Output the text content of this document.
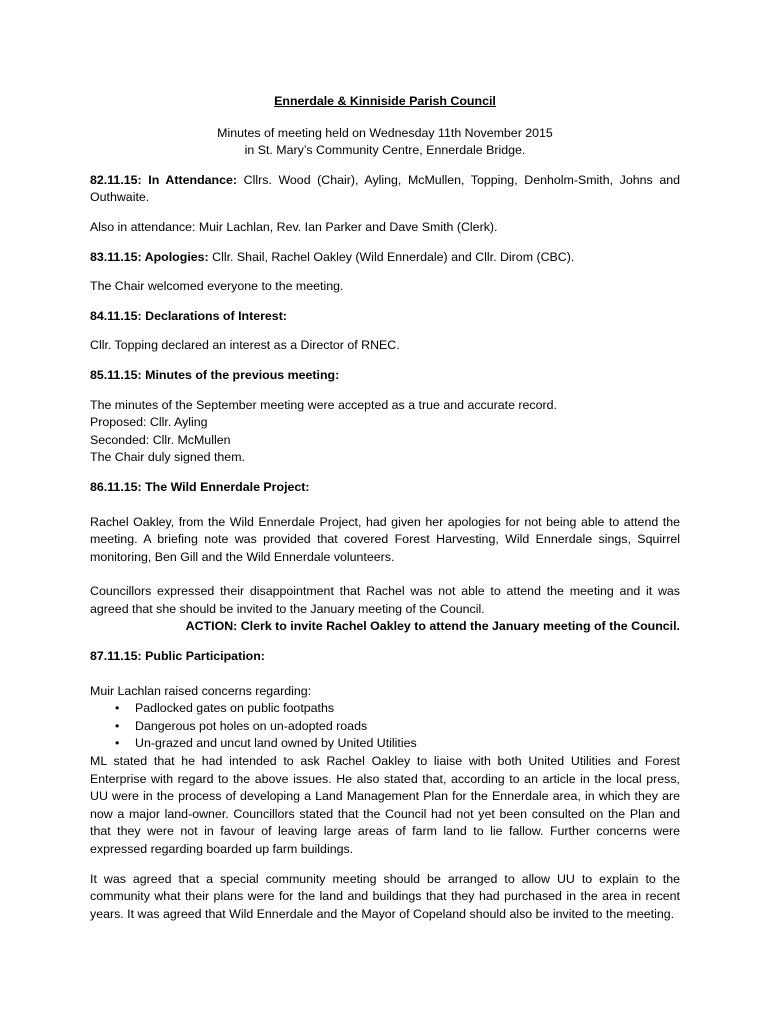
Ennerdale & Kinniside Parish Council
Minutes of meeting held on Wednesday 11th November 2015
in St. Mary’s Community Centre, Ennerdale Bridge.

82.11.15: In Attendance: Cllrs. Wood (Chair), Ayling, McMullen, Topping, Denholm-Smith, Johns and Outhwaite.

Also in attendance: Muir Lachlan, Rev. Ian Parker and Dave Smith (Clerk).

83.11.15: Apologies: Cllr. Shail, Rachel Oakley (Wild Ennerdale) and Cllr. Dirom (CBC).

The Chair welcomed everyone to the meeting.

84.11.15: Declarations of Interest:

Cllr. Topping declared an interest as a Director of RNEC.

85.11.15: Minutes of the previous meeting:

The minutes of the September meeting were accepted as a true and accurate record.
Proposed: Cllr. Ayling
Seconded: Cllr. McMullen
The Chair duly signed them.

86.11.15: The Wild Ennerdale Project:

Rachel Oakley, from the Wild Ennerdale Project, had given her apologies for not being able to attend the meeting. A briefing note was provided that covered Forest Harvesting, Wild Ennerdale sings, Squirrel monitoring, Ben Gill and the Wild Ennerdale volunteers.

Councillors expressed their disappointment that Rachel was not able to attend the meeting and it was agreed that she should be invited to the January meeting of the Council.

ACTION: Clerk to invite Rachel Oakley to attend the January meeting of the Council.

87.11.15: Public Participation:

Muir Lachlan raised concerns regarding:
• Padlocked gates on public footpaths
• Dangerous pot holes on un-adopted roads
• Un-grazed and uncut land owned by United Utilities

ML stated that he had intended to ask Rachel Oakley to liaise with both United Utilities and Forest Enterprise with regard to the above issues. He also stated that, according to an article in the local press, UU were in the process of developing a Land Management Plan for the Ennerdale area, in which they are now a major land-owner. Councillors stated that the Council had not yet been consulted on the Plan and that they were not in favour of leaving large areas of farm land to lie fallow. Further concerns were expressed regarding boarded up farm buildings.

It was agreed that a special community meeting should be arranged to allow UU to explain to the community what their plans were for the land and buildings that they had purchased in the area in recent years. It was agreed that Wild Ennerdale and the Mayor of Copeland should also be invited to the meeting.
